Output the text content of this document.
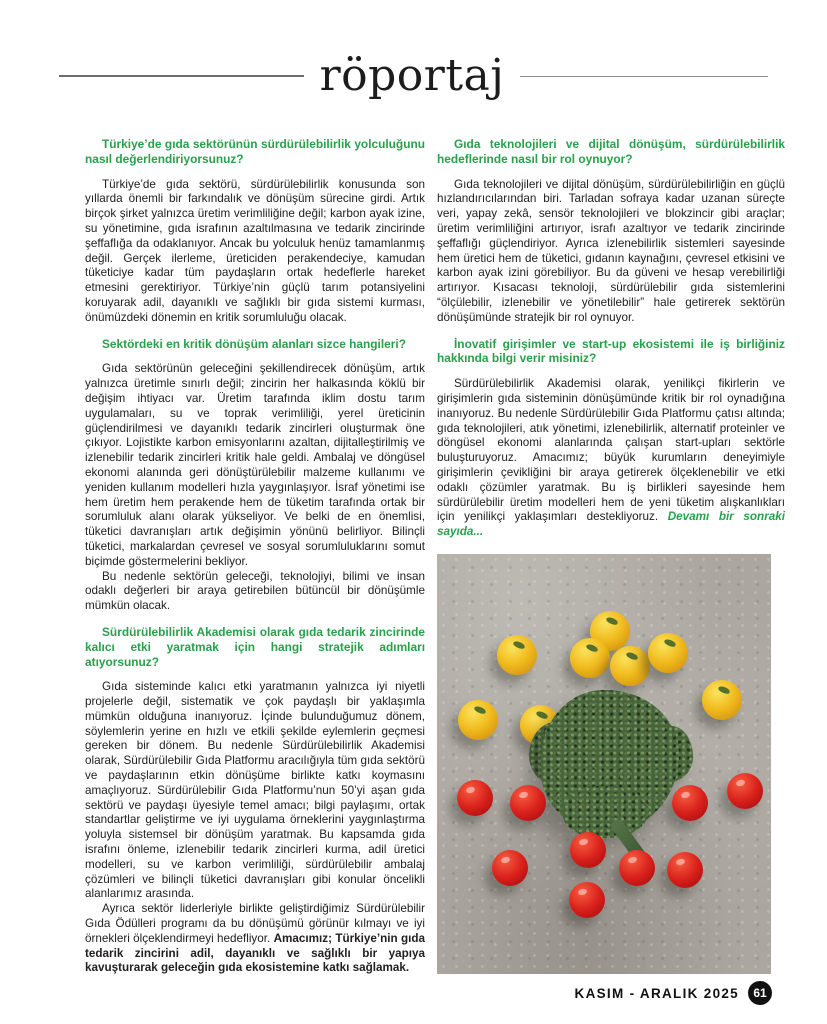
röportaj
Türkiye’de gıda sektörünün sürdürülebilirlik yolculuğunu nasıl değerlendiriyorsunuz?

Türkiye’de gıda sektörü, sürdürülebilirlik konusunda son yıllarda önemli bir farkındalık ve dönüşüm sürecine girdi. Artık birçok şirket yalnızca üretim verimliliğine değil; karbon ayak izine, su yönetimine, gıda israfının azaltılmasına ve tedarik zincirinde şeffaflığa da odaklanıyor. Ancak bu yolculuk henüz tamamlanmış değil. Gerçek ilerleme, üreticiden perakendeciye, kamudan tüketiciye kadar tüm paydaşların ortak hedeflerle hareket etmesini gerektiriyor. Türkiye’nin güçlü tarım potansiyelini koruyarak adil, dayanıklı ve sağlıklı bir gıda sistemi kurması, önümüzdeki dönemin en kritik sorumluluğu olacak.

Sektördeki en kritik dönüşüm alanları sizce hangileri?

Gıda sektörünün geleceğini şekillendirecek dönüşüm, artık yalnızca üretimle sınırlı değil; zincirin her halkasında köklü bir değişim ihtiyacı var. Üretim tarafında iklim dostu tarım uygulamaları, su ve toprak verimliliği, yerel üreticinin güçlendirilmesi ve dayanıklı tedarik zincirleri oluşturmak öne çıkıyor. Lojistikte karbon emisyonlarını azaltan, dijitalleştirilmiş ve izlenebilir tedarik zincirleri kritik hale geldi. Ambalaj ve döngüsel ekonomi alanında geri dönüştürülebilir malzeme kullanımı ve yeniden kullanım modelleri hızla yaygınlaşıyor. İsraf yönetimi ise hem üretim hem perakende hem de tüketim tarafında ortak bir sorumluluk alanı olarak yükseliyor. Ve belki de en önemlisi, tüketici davranışları artık değişimin yönünü belirliyor. Bilinçli tüketici, markalardan çevresel ve sosyal sorumluluklarını somut biçimde göstermelerini bekliyor.

Bu nedenle sektörün geleceği, teknolojiyi, bilimi ve insan odaklı değerleri bir araya getirebilen bütüncül bir dönüşümle mümkün olacak.

Sürdürülebilirlik Akademisi olarak gıda tedarik zincirinde kalıcı etki yaratmak için hangi stratejik adımları atıyorsunuz?

Gıda sisteminde kalıcı etki yaratmanın yalnızca iyi niyetli projelerle değil, sistematik ve çok paydaşlı bir yaklaşımla mümkün olduğuna inanıyoruz. İçinde bulunduğumuz dönem, söylemlerin yerine en hızlı ve etkili şekilde eylemlerin geçmesi gereken bir dönem. Bu nedenle Sürdürülebilirlik Akademisi olarak, Sürdürülebilir Gıda Platformu aracılığıyla tüm gıda sektörü ve paydaşlarının etkin dönüşüme birlikte katkı koymasını amaçlıyoruz. Sürdürülebilir Gıda Platformu’nun 50’yi aşan gıda sektörü ve paydaşı üyesiyle temel amacı; bilgi paylaşımı, ortak standartlar geliştirme ve iyi uygulama örneklerini yaygınlaştırma yoluyla sistemsel bir dönüşüm yaratmak. Bu kapsamda gıda israfını önleme, izlenebilir tedarik zincirleri kurma, adil üretici modelleri, su ve karbon verimliliği, sürdürülebilir ambalaj çözümleri ve bilinçli tüketici davranışları gibi konular öncelikli alanlarımız arasında.

Ayrıca sektör liderleriyle birlikte geliştirdiğimiz Sürdürülebilir Gıda Ödülleri programı da bu dönüşümü görünür kılmayı ve iyi örnekleri ölçeklendirmeyi hedefliyor. Amacımız; Türkiye’nin gıda tedarik zincirini adil, dayanıklı ve sağlıklı bir yapıya kavuşturarak geleceğin gıda ekosistemine katkı sağlamak.

Gıda teknolojileri ve dijital dönüşüm, sürdürülebilirlik hedeflerinde nasıl bir rol oynuyor?

Gıda teknolojileri ve dijital dönüşüm, sürdürülebilirliğin en güçlü hızlandırıcılarından biri. Tarladan sofraya kadar uzanan süreçte veri, yapay zekâ, sensör teknolojileri ve blokzincir gibi araçlar; üretim verimliliğini artırıyor, israfı azaltıyor ve tedarik zincirinde şeffaflığı güçlendiriyor. Ayrıca izlenebilirlik sistemleri sayesinde hem üretici hem de tüketici, gıdanın kaynağını, çevresel etkisini ve karbon ayak izini görebiliyor. Bu da güveni ve hesap verebilirliği artırıyor. Kısacası teknoloji, sürdürülebilir gıda sistemlerini “ölçülebilir, izlenebilir ve yönetilebilir” hale getirerek sektörün dönüşümünde stratejik bir rol oynuyor.

İnovatif girişimler ve start-up ekosistemi ile iş birliğiniz hakkında bilgi verir misiniz?

Sürdürülebilirlik Akademisi olarak, yenilikçi fikirlerin ve girişimlerin gıda sisteminin dönüşümünde kritik bir rol oynadığına inanıyoruz. Bu nedenle Sürdürülebilir Gıda Platformu çatısı altında; gıda teknolojileri, atık yönetimi, izlenebilirlik, alternatif proteinler ve döngüsel ekonomi alanlarında çalışan start-upları sektörle buluşturuyoruz. Amacımız; büyük kurumların deneyimiyle girişimlerin çevikliğini bir araya getirerek ölçeklenebilir ve etki odaklı çözümler yaratmak. Bu iş birlikleri sayesinde hem sürdürülebilir üretim modelleri hem de yeni tüketim alışkanlıkları için yenilikçi yaklaşımları destekliyoruz. Devamı bir sonraki sayıda...

KASIM - ARALIK 2025	61
